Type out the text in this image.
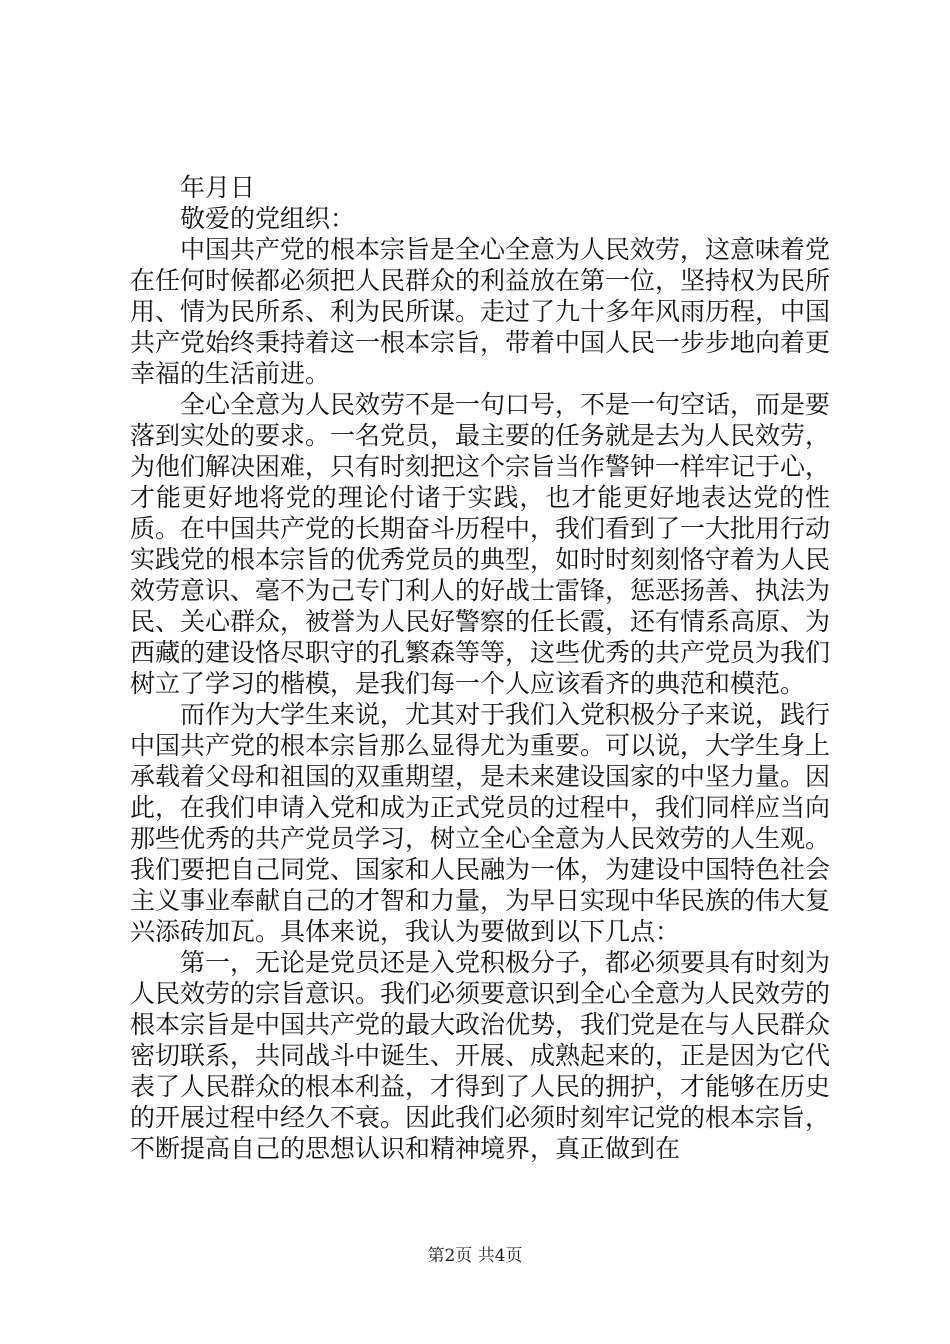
年月日

敬爱的党组织：

中国共产党的根本宗旨是全心全意为人民效劳，这意味着党在任何时候都必须把人民群众的利益放在第一位，坚持权为民所用、情为民所系、利为民所谋。走过了九十多年风雨历程，中国共产党始终秉持着这一根本宗旨，带着中国人民一步步地向着更幸福的生活前进。

全心全意为人民效劳不是一句口号，不是一句空话，而是要落到实处的要求。一名党员，最主要的任务就是去为人民效劳，为他们解决困难，只有时刻把这个宗旨当作警钟一样牢记于心，才能更好地将党的理论付诸于实践，也才能更好地表达党的性质。在中国共产党的长期奋斗历程中，我们看到了一大批用行动实践党的根本宗旨的优秀党员的典型，如时时刻刻恪守着为人民效劳意识、毫不为己专门利人的好战士雷锋，惩恶扬善、执法为民、关心群众，被誉为人民好警察的任长霞，还有情系高原、为西藏的建设恪尽职守的孔繁森等等，这些优秀的共产党员为我们树立了学习的楷模，是我们每一个人应该看齐的典范和模范。

而作为大学生来说，尤其对于我们入党积极分子来说，践行中国共产党的根本宗旨那么显得尤为重要。可以说，大学生身上承载着父母和祖国的双重期望，是未来建设国家的中坚力量。因此，在我们申请入党和成为正式党员的过程中，我们同样应当向那些优秀的共产党员学习，树立全心全意为人民效劳的人生观。我们要把自己同党、国家和人民融为一体，为建设中国特色社会主义事业奉献自己的才智和力量，为早日实现中华民族的伟大复兴添砖加瓦。具体来说，我认为要做到以下几点：

第一，无论是党员还是入党积极分子，都必须要具有时刻为人民效劳的宗旨意识。我们必须要意识到全心全意为人民效劳的根本宗旨是中国共产党的最大政治优势，我们党是在与人民群众密切联系，共同战斗中诞生、开展、成熟起来的，正是因为它代表了人民群众的根本利益，才得到了人民的拥护，才能够在历史的开展过程中经久不衰。因此我们必须时刻牢记党的根本宗旨，不断提高自己的思想认识和精神境界，真正做到在

第2页 共4页
